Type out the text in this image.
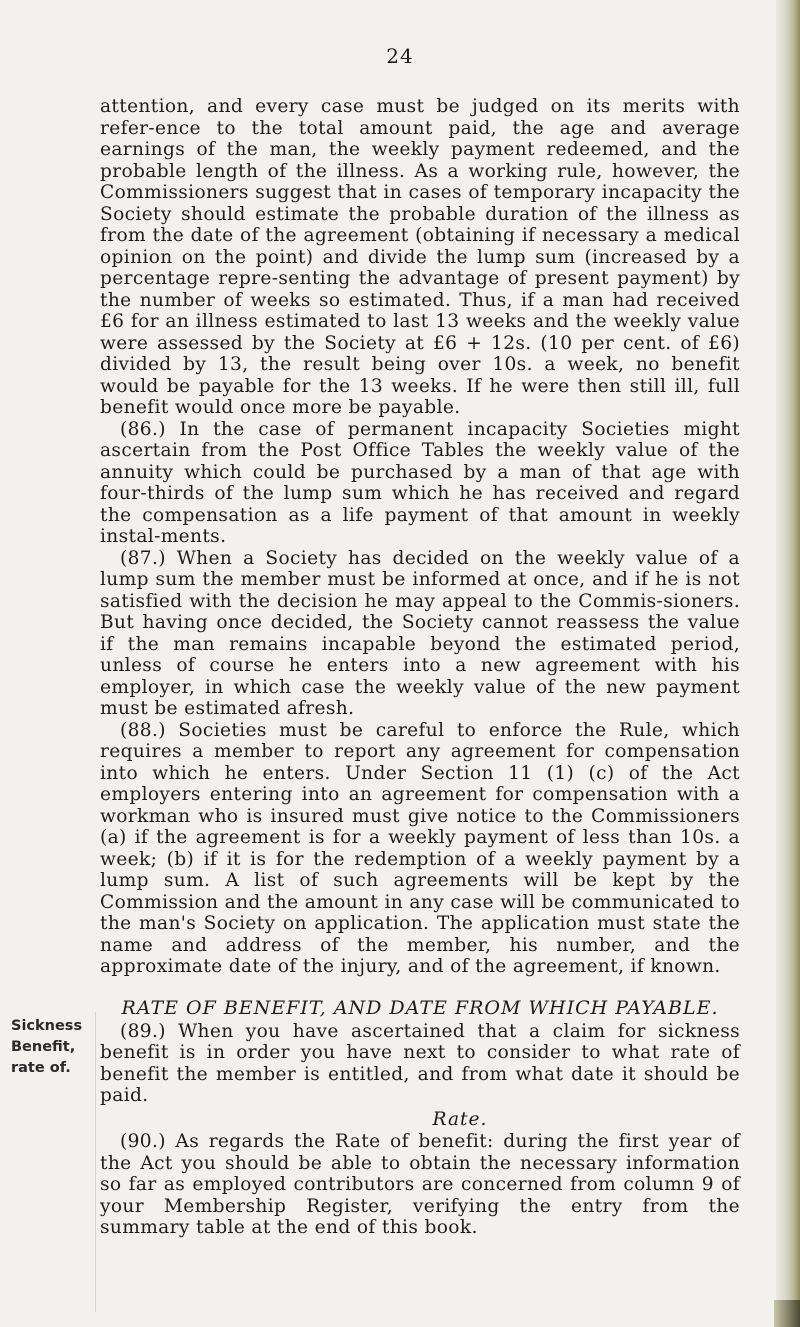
24

attention, and every case must be judged on its merits with refer-ence to the total amount paid, the age and average earnings of the man, the weekly payment redeemed, and the probable length of the illness. As a working rule, however, the Commissioners suggest that in cases of temporary incapacity the Society should estimate the probable duration of the illness as from the date of the agreement (obtaining if necessary a medical opinion on the point) and divide the lump sum (increased by a percentage repre-senting the advantage of present payment) by the number of weeks so estimated. Thus, if a man had received £6 for an illness estimated to last 13 weeks and the weekly value were assessed by the Society at £6 + 12s. (10 per cent. of £6) divided by 13, the result being over 10s. a week, no benefit would be payable for the 13 weeks. If he were then still ill, full benefit would once more be payable.

(86.) In the case of permanent incapacity Societies might ascertain from the Post Office Tables the weekly value of the annuity which could be purchased by a man of that age with four-thirds of the lump sum which he has received and regard the compensation as a life payment of that amount in weekly instal-ments.

(87.) When a Society has decided on the weekly value of a lump sum the member must be informed at once, and if he is not satisfied with the decision he may appeal to the Commis-sioners. But having once decided, the Society cannot reassess the value if the man remains incapable beyond the estimated period, unless of course he enters into a new agreement with his employer, in which case the weekly value of the new payment must be estimated afresh.

(88.) Societies must be careful to enforce the Rule, which requires a member to report any agreement for compensation into which he enters. Under Section 11 (1) (c) of the Act employers entering into an agreement for compensation with a workman who is insured must give notice to the Commissioners (a) if the agreement is for a weekly payment of less than 10s. a week; (b) if it is for the redemption of a weekly payment by a lump sum. A list of such agreements will be kept by the Commission and the amount in any case will be communicated to the man's Society on application. The application must state the name and address of the member, his number, and the approximate date of the injury, and of the agreement, if known.

RATE OF BENEFIT, AND DATE FROM WHICH PAYABLE.

(89.) When you have ascertained that a claim for sickness benefit is in order you have next to consider to what rate of benefit the member is entitled, and from what date it should be paid.

Rate.

(90.) As regards the Rate of benefit: during the first year of the Act you should be able to obtain the necessary information so far as employed contributors are concerned from column 9 of your Membership Register, verifying the entry from the summary table at the end of this book.

Sickness
Benefit,
rate of.
